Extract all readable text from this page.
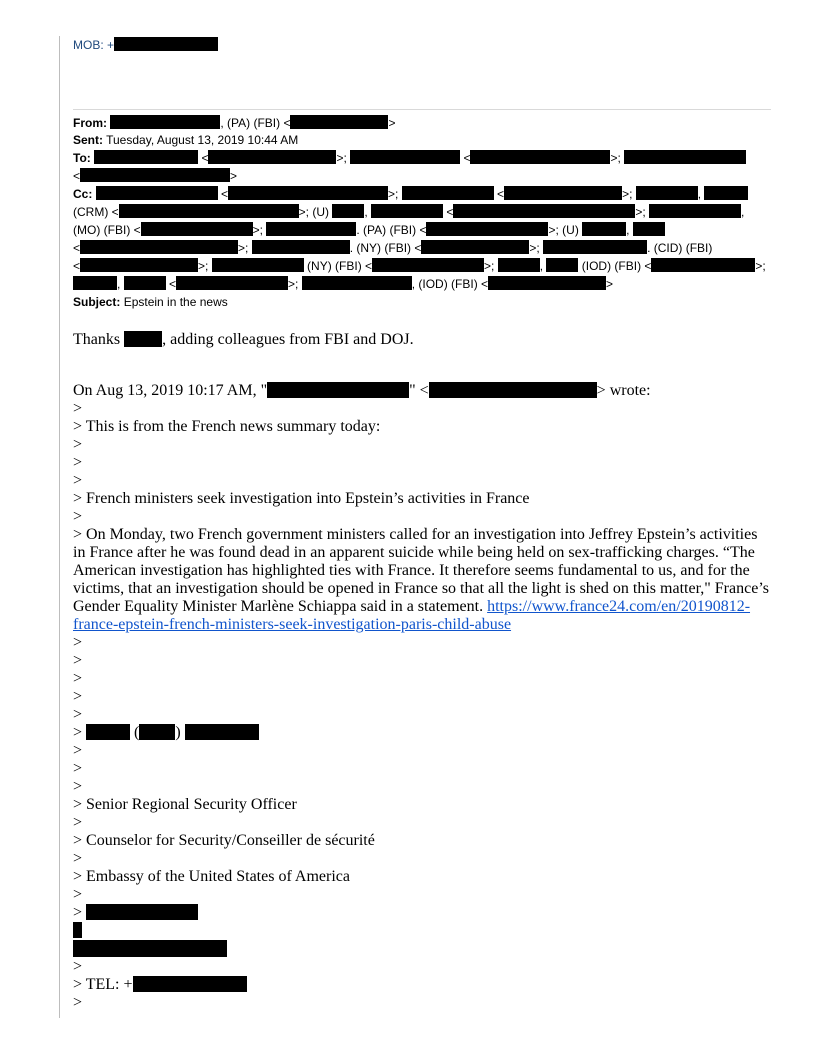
MOB: +
From:	, (PA) (FBI) <	>
Sent: Tuesday, August 13, 2019 10:44 AM
To:	<	>;	<	>;
<	>
Cc:	<	>;	<	>;	,
(CRM) <	>; (U)	,	<	>;	,
(MO) (FBI) <	>;	. (PA) (FBI) <	>; (U)	,
<	>;	. (NY) (FBI) <	>;	. (CID) (FBI)
<	>;	(NY) (FBI) <	>;	,	(IOD) (FBI) <	>;
,	<	>;	, (IOD) (FBI) <	>
Subject: Epstein in the news
Thanks , adding colleagues from FBI and DOJ.
On Aug 13, 2019 10:17 AM, "	" <	> wrote:
>
> This is from the French news summary today:
>
>
>
> French ministers seek investigation into Epstein’s activities in France
>
> On Monday, two French government ministers called for an investigation into Jeffrey Epstein’s activities in France after he was found dead in an apparent suicide while being held on sex-trafficking charges. “The American investigation has highlighted ties with France. It therefore seems fundamental to us, and for the victims, that an investigation should be opened in France so that all the light is shed on this matter," France’s Gender Equality Minister Marlène Schiappa said in a statement. https://www.france24.com/en/20190812-france-epstein-french-ministers-seek-investigation-paris-child-abuse
>
>
>
>
>
>	( )
>
>
>
> Senior Regional Security Officer
>
> Counselor for Security/Conseiller de sécurité
>
> Embassy of the United States of America
>
>
>
> TEL: +
>
